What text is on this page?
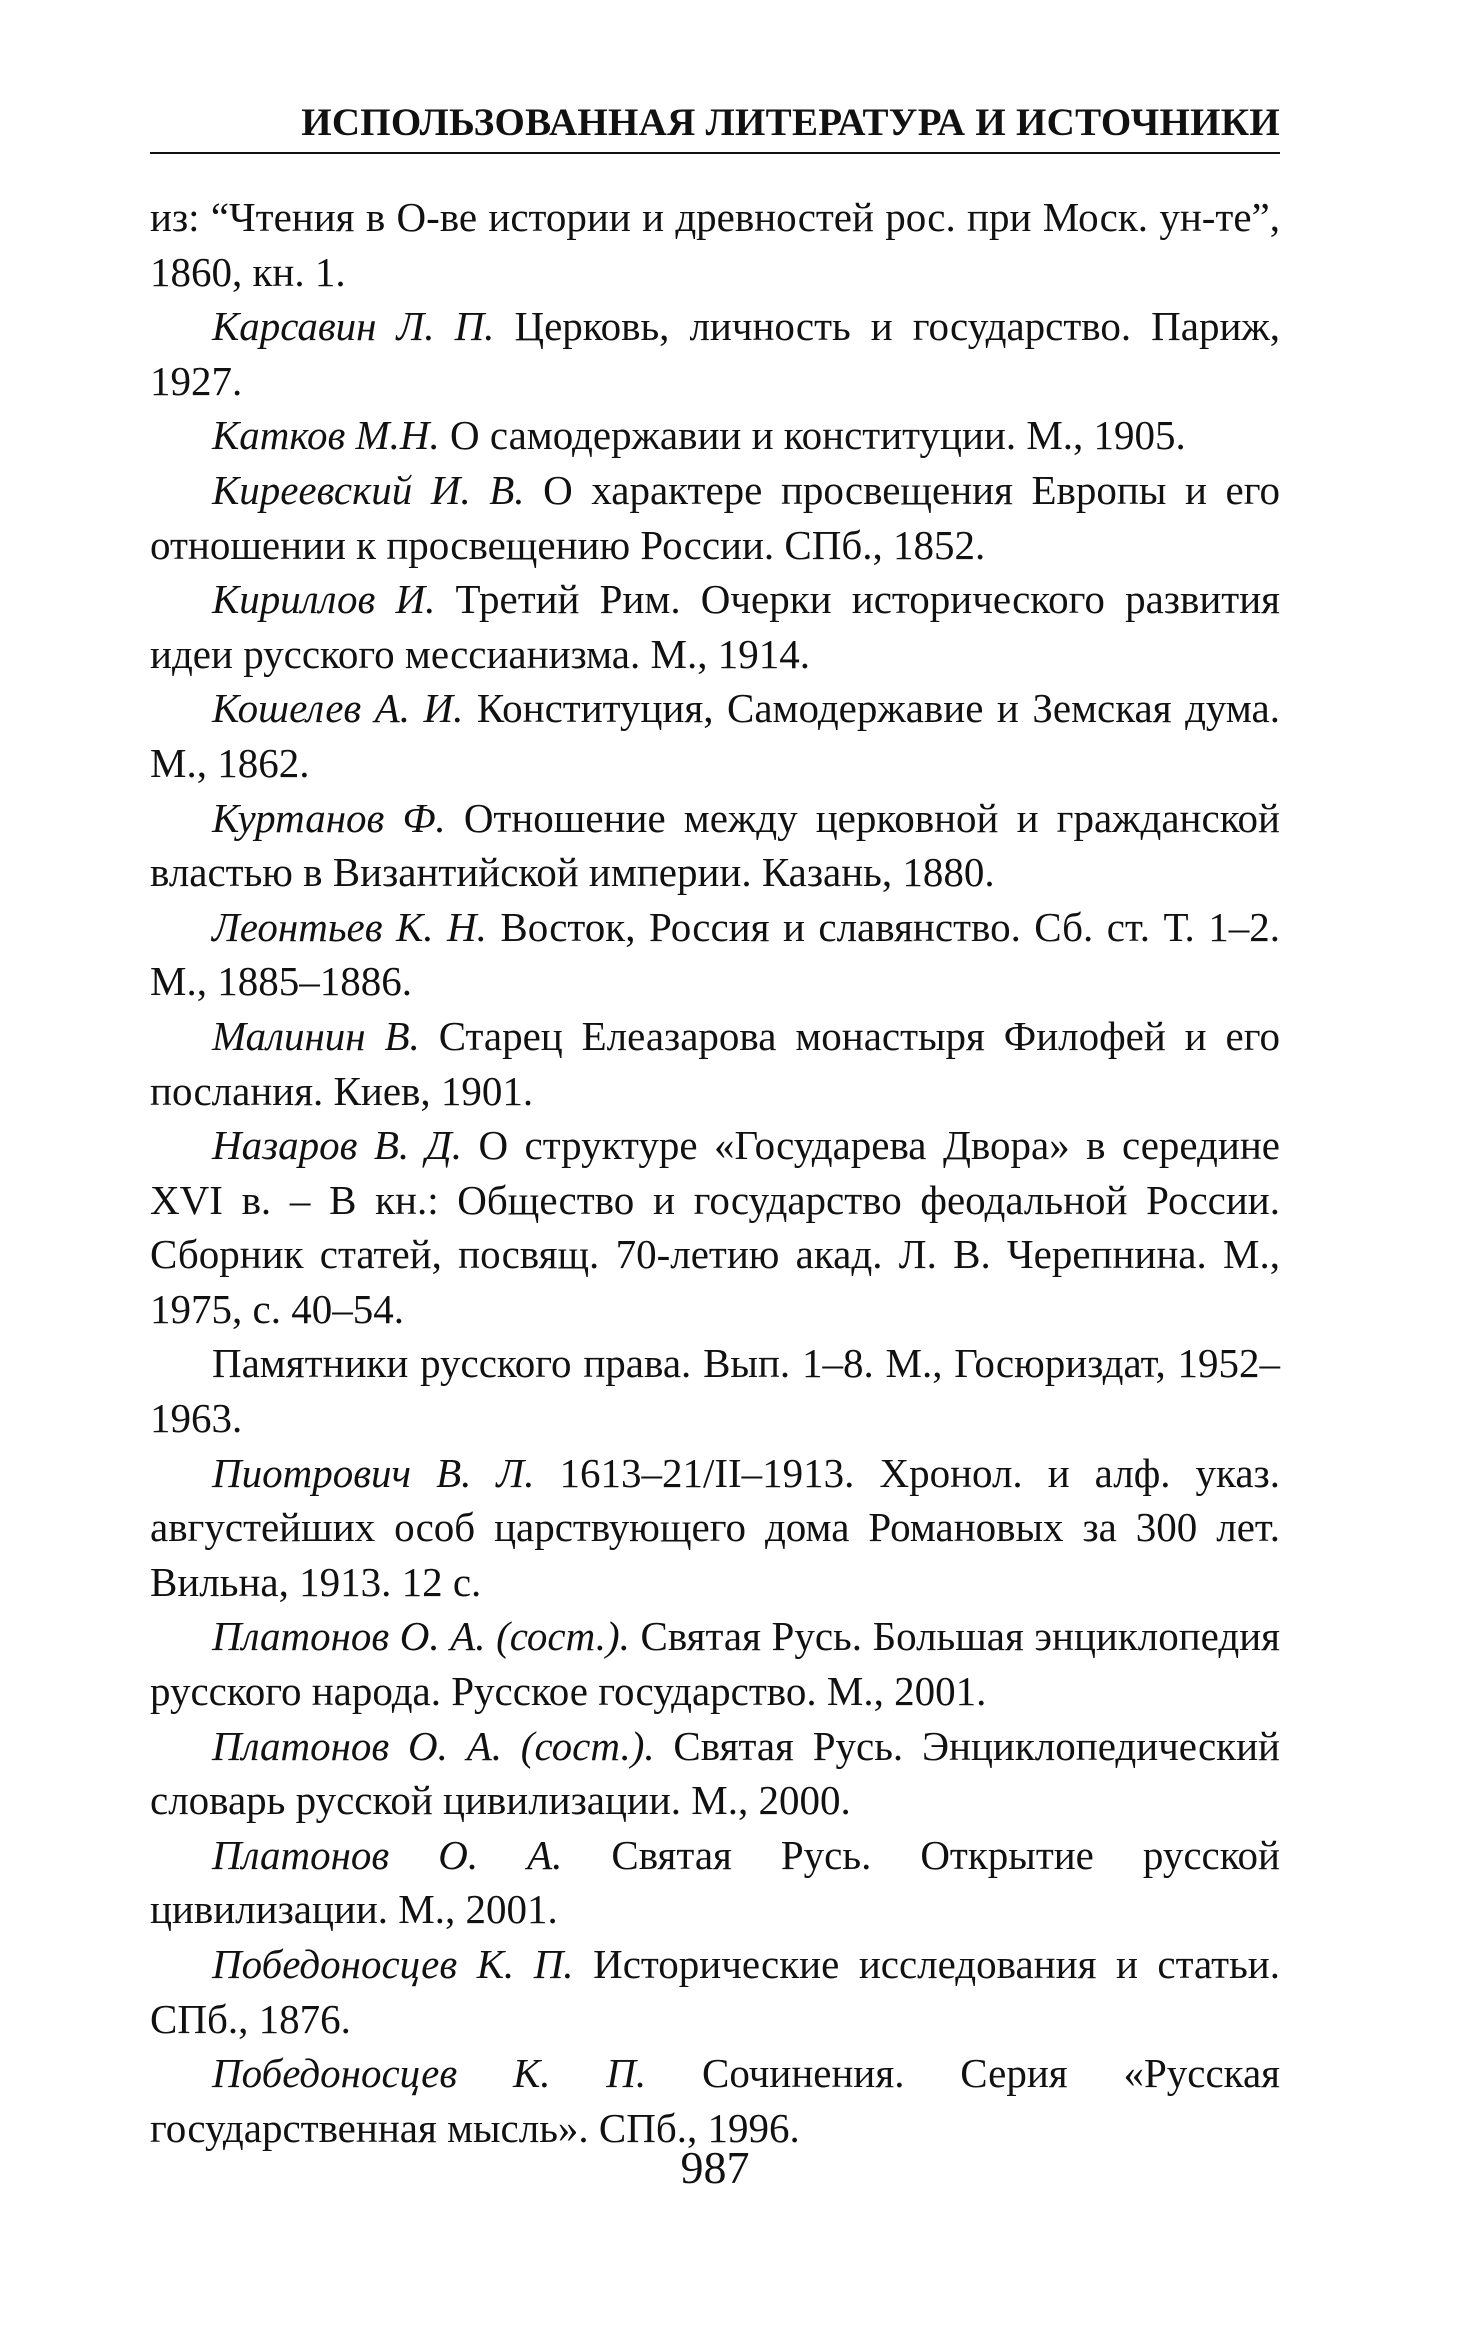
ИСПОЛЬЗОВАННАЯ ЛИТЕРАТУРА И ИСТОЧНИКИ

из: “Чтения в О-ве истории и древностей рос. при Моск. ун-те”, 1860, кн. 1.

Карсавин Л. П. Церковь, личность и государство. Париж, 1927.

Катков М.Н. О самодержавии и конституции. М., 1905.

Киреевский И. В. О характере просвещения Европы и его отношении к просвещению России. СПб., 1852.

Кириллов И. Третий Рим. Очерки исторического развития идеи русского мессианизма. М., 1914.

Кошелев А. И. Конституция, Самодержавие и Земская дума. М., 1862.

Куртанов Ф. Отношение между церковной и гражданской властью в Византийской империи. Казань, 1880.

Леонтьев К. Н. Восток, Россия и славянство. Сб. ст. Т. 1–2. М., 1885–1886.

Малинин В. Старец Елеазарова монастыря Филофей и его послания. Киев, 1901.

Назаров В. Д. О структуре «Государева Двора» в середине XVI в. – В кн.: Общество и государство феодальной России. Сборник статей, посвящ. 70-летию акад. Л. В. Черепнина. М., 1975, с. 40–54.

Памятники русского права. Вып. 1–8. М., Госюриздат, 1952–1963.

Пиотрович В. Л. 1613–21/II–1913. Хронол. и алф. указ. августейших особ царствующего дома Романовых за 300 лет. Вильна, 1913. 12 с.

Платонов О. А. (сост.). Святая Русь. Большая энциклопедия русского народа. Русское государство. М., 2001.

Платонов О. А. (сост.). Святая Русь. Энциклопедический словарь русской цивилизации. М., 2000.

Платонов О. А. Святая Русь. Открытие русской цивилизации. М., 2001.

Победоносцев К. П. Исторические исследования и статьи. СПб., 1876.

Победоносцев К. П. Сочинения. Серия «Русская государственная мысль». СПб., 1996.

987
